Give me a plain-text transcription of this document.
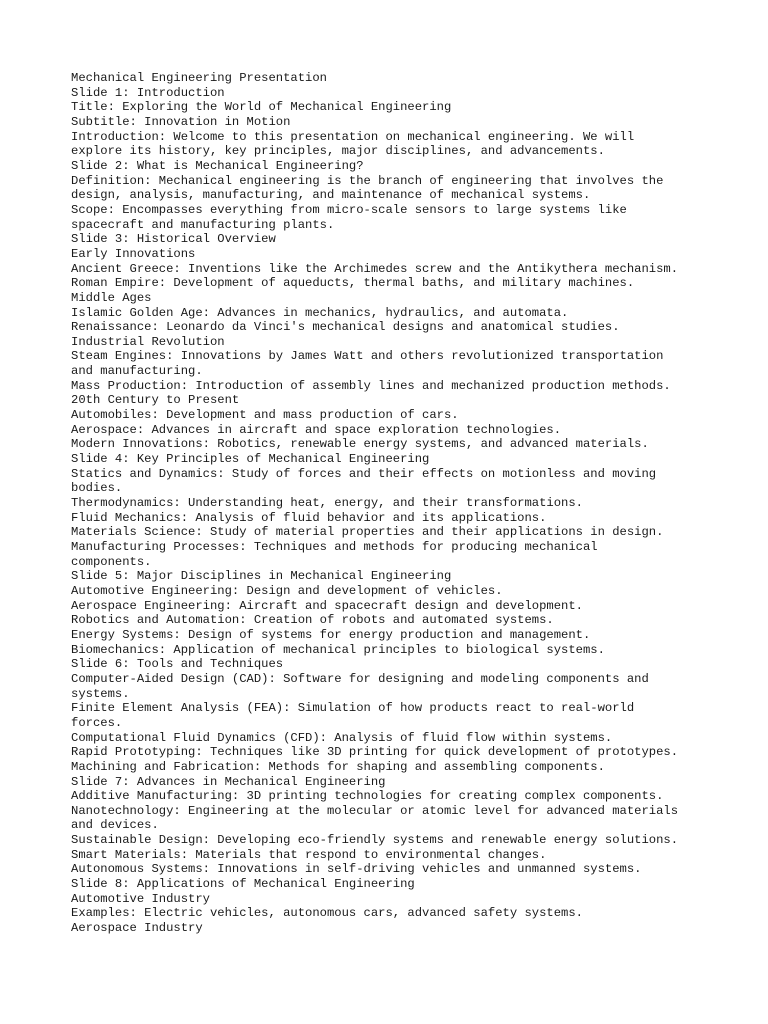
Mechanical Engineering Presentation
Slide 1: Introduction
Title: Exploring the World of Mechanical Engineering
Subtitle: Innovation in Motion
Introduction: Welcome to this presentation on mechanical engineering. We will
explore its history, key principles, major disciplines, and advancements.
Slide 2: What is Mechanical Engineering?
Definition: Mechanical engineering is the branch of engineering that involves the
design, analysis, manufacturing, and maintenance of mechanical systems.
Scope: Encompasses everything from micro-scale sensors to large systems like
spacecraft and manufacturing plants.
Slide 3: Historical Overview
Early Innovations
Ancient Greece: Inventions like the Archimedes screw and the Antikythera mechanism.
Roman Empire: Development of aqueducts, thermal baths, and military machines.
Middle Ages
Islamic Golden Age: Advances in mechanics, hydraulics, and automata.
Renaissance: Leonardo da Vinci's mechanical designs and anatomical studies.
Industrial Revolution
Steam Engines: Innovations by James Watt and others revolutionized transportation
and manufacturing.
Mass Production: Introduction of assembly lines and mechanized production methods.
20th Century to Present
Automobiles: Development and mass production of cars.
Aerospace: Advances in aircraft and space exploration technologies.
Modern Innovations: Robotics, renewable energy systems, and advanced materials.
Slide 4: Key Principles of Mechanical Engineering
Statics and Dynamics: Study of forces and their effects on motionless and moving
bodies.
Thermodynamics: Understanding heat, energy, and their transformations.
Fluid Mechanics: Analysis of fluid behavior and its applications.
Materials Science: Study of material properties and their applications in design.
Manufacturing Processes: Techniques and methods for producing mechanical
components.
Slide 5: Major Disciplines in Mechanical Engineering
Automotive Engineering: Design and development of vehicles.
Aerospace Engineering: Aircraft and spacecraft design and development.
Robotics and Automation: Creation of robots and automated systems.
Energy Systems: Design of systems for energy production and management.
Biomechanics: Application of mechanical principles to biological systems.
Slide 6: Tools and Techniques
Computer-Aided Design (CAD): Software for designing and modeling components and
systems.
Finite Element Analysis (FEA): Simulation of how products react to real-world
forces.
Computational Fluid Dynamics (CFD): Analysis of fluid flow within systems.
Rapid Prototyping: Techniques like 3D printing for quick development of prototypes.
Machining and Fabrication: Methods for shaping and assembling components.
Slide 7: Advances in Mechanical Engineering
Additive Manufacturing: 3D printing technologies for creating complex components.
Nanotechnology: Engineering at the molecular or atomic level for advanced materials
and devices.
Sustainable Design: Developing eco-friendly systems and renewable energy solutions.
Smart Materials: Materials that respond to environmental changes.
Autonomous Systems: Innovations in self-driving vehicles and unmanned systems.
Slide 8: Applications of Mechanical Engineering
Automotive Industry
Examples: Electric vehicles, autonomous cars, advanced safety systems.
Aerospace Industry
